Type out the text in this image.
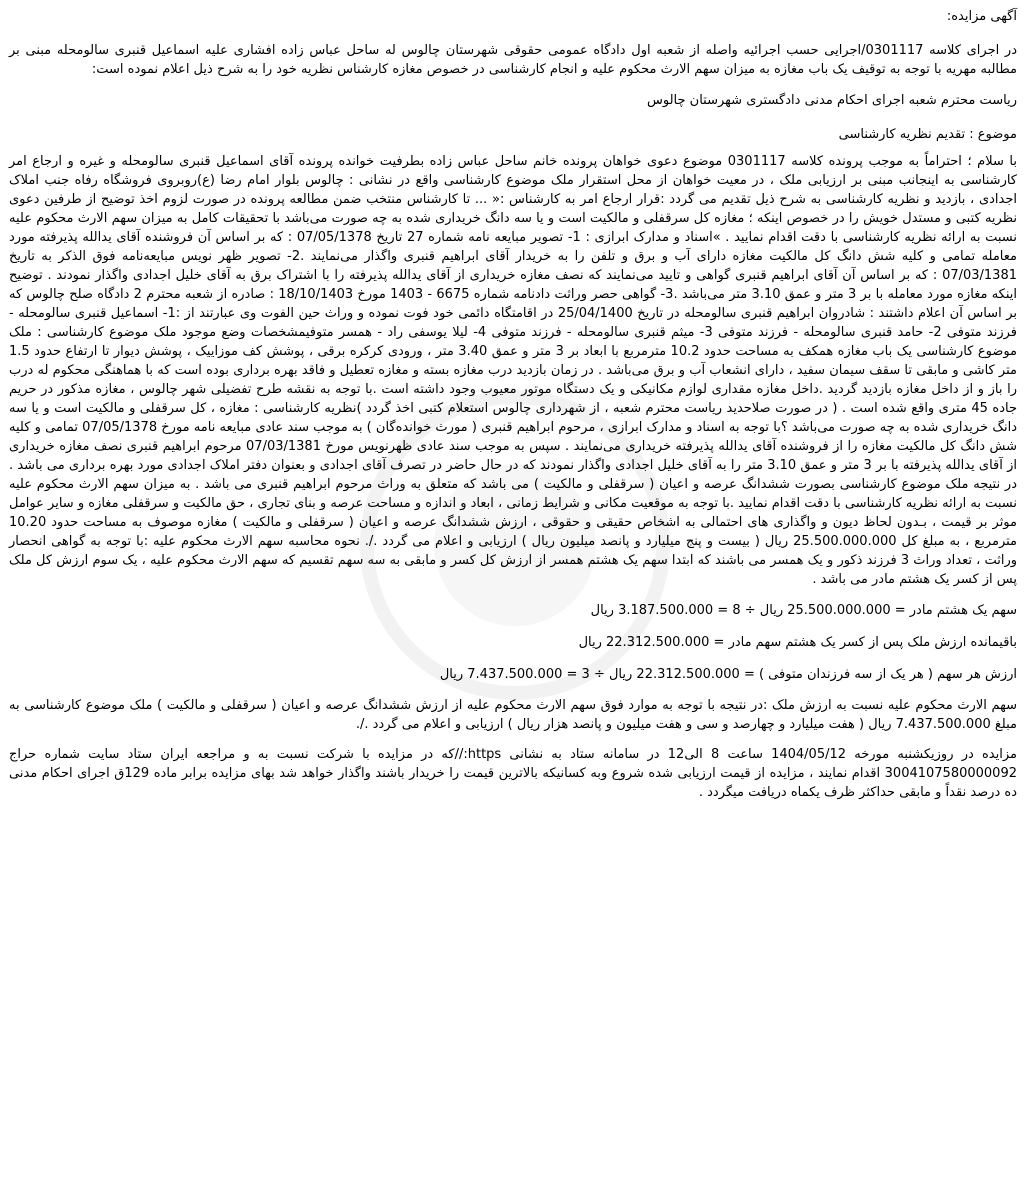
آگهی مزایده:

در اجرای کلاسه 0301117/اجرایی حسب اجرائیه واصله از شعبه اول دادگاه عمومی حقوقی شهرستان چالوس له ساحل عباس زاده افشاری علیه اسماعیل قنبری سالومحله مبنی بر مطالبه مهریه با توجه به توقیف یک باب مغازه به میزان سهم الارث محکوم علیه و انجام کارشناسی در خصوص مغازه کارشناس نظریه خود را به شرح ذیل اعلام نموده است:

ریاست محترم شعبه اجرای احکام مدنی دادگستری شهرستان چالوس

موضوع : تقدیم نظریه کارشناسی

با سلام ؛ احتراماً به موجب پرونده کلاسه 0301117 موضوع دعوی خواهان پرونده خانم ساحل عباس زاده بطرفیت خوانده پرونده آقای اسماعیل قنبری سالومحله و غیره و ارجاع امر کارشناسی به اینجانب مبنی بر ارزیابی ملک ، در معیت خواهان از محل استقرار ملک موضوع کارشناسی واقع در نشانی : چالوس بلوار امام رضا (ع)روبروی فروشگاه رفاه جنب املاک اجدادی ، بازدید و نظریه کارشناسی به شرح ذیل تقدیم می گردد :قرار ارجاع امر به کارشناس :« ... تا کارشناس منتخب ضمن مطالعه پرونده در صورت لزوم اخذ توضیح از طرفین دعوی نظریه کتبی و مستدل خویش را در خصوص اینکه ؛ مغازه کل سرقفلی و مالکیت است و یا سه دانگ خریداری شده به چه صورت می‌باشد با تحقیقات کامل به میزان سهم الارث محکوم علیه نسبت به ارائه نظریه کارشناسی با دقت اقدام نمایید . »اسناد و مدارک ابرازی : 1- تصویر مبایعه نامه شماره 27 تاریخ 07/05/1378 : که بر اساس آن فروشنده آقای یدالله پذیرفته مورد معامله تمامی و کلیه شش دانگ کل مالکیت مغازه دارای آب و برق و تلفن را به خریدار آقای ابراهیم قنبری واگذار می‌نمایند .2- تصویر ظهر نویس مبایعه‌نامه فوق الذکر به تاریخ 07/03/1381 : که بر اساس آن آقای ابراهیم قنبری گواهی و تایید می‌نمایند که نصف مغازه خریداری از آقای یدالله پذیرفته را با اشتراک برق به آقای خلیل اجدادی واگذار نمودند . توضیح اینکه مغازه مورد معامله با بر 3 متر و عمق 3.10 متر می‌باشد .3- گواهی حصر وراثت دادنامه شماره 6675 - 1403 مورخ 18/10/1403 : صادره از شعبه محترم 2 دادگاه صلح چالوس که بر اساس آن اعلام داشتند : شادروان ابراهیم قنبری سالومحله در تاریخ 25/04/1400 در اقامتگاه دائمی خود فوت نموده و وراث حین الفوت وی عبارتند از :1- اسماعیل قنبری سالومحله - فرزند متوفی 2- حامد قنبری سالومحله - فرزند متوفی 3- میثم قنبری سالومحله - فرزند متوفی 4- لیلا یوسفی راد - همسر متوفیمشخصات وضع موجود ملک موضوع کارشناسی : ملک موضوع کارشناسی یک باب مغازه همکف به مساحت حدود 10.2 مترمربع با ابعاد بر 3 متر و عمق 3.40 متر ، ورودی کرکره برقی ، پوشش کف موزاییک ، پوشش دیوار تا ارتفاع حدود 1.5 متر کاشی و مابقی تا سقف سیمان سفید ، دارای انشعاب آب و برق می‌باشد . در زمان بازدید درب مغازه بسته و مغازه تعطیل و فاقد بهره برداری بوده است که با هماهنگی محکوم له درب را باز و از داخل مغازه بازدید گردید .داخل مغازه مقداری لوازم مکانیکی و یک دستگاه موتور معیوب وجود داشته است .با توجه به نقشه طرح تفضیلی شهر چالوس ، مغازه مذکور در حریم جاده 45 متری واقع شده است . ( در صورت صلاحدید ریاست محترم شعبه ، از شهرداری چالوس استعلام کتبی اخذ گردد )نظریه کارشناسی : مغازه ، کل سرقفلی و مالکیت است و یا سه دانگ خریداری شده به چه صورت می‌باشد ؟با توجه به اسناد و مدارک ابرازی ، مرحوم ابراهیم قنبری ( مورث خوانده‌گان ) به موجب سند عادی مبایعه نامه مورخ 07/05/1378 تمامی و کلیه شش دانگ کل مالکیت مغازه را از فروشنده آقای یدالله پذیرفته خریداری می‌نمایند . سپس به موجب سند عادی ظهرنویس مورخ 07/03/1381 مرحوم ابراهیم قنبری نصف مغازه خریداری از آقای یدالله پذیرفته با بر 3 متر و عمق 3.10 متر را به آقای خلیل اجدادی واگذار نمودند که در حال حاضر در تصرف آقای اجدادی و بعنوان دفتر املاک اجدادی مورد بهره برداری می باشد . در نتیجه ملک موضوع کارشناسی بصورت ششدانگ عرصه و اعیان ( سرقفلی و مالکیت ) می باشد که متعلق به وراث مرحوم ابراهیم قنبری می باشد . به میزان سهم الارث محکوم علیه نسبت به ارائه نظریه کارشناسی با دقت اقدام نمایید .با توجه به موقعیت مکانی و شرایط زمانی ، ابعاد و اندازه و مساحت عرصه و بنای تجاری ، حق مالکیت و سرقفلی مغازه و سایر عوامل موثر بر قیمت ، بـدون لحاظ دیون و واگذاری های احتمالی به اشخاص حقیقی و حقوقی ، ارزش ششدانگ عرصه و اعیان ( سرقفلی و مالکیت ) مغازه موصوف به مساحت حدود 10.20 مترمربع ، به مبلغ کل 25.500.000.000 ریال ( بیست و پنج میلیارد و پانصد میلیون ریال ) ارزیابی و اعلام می گردد ./. نحوه محاسبه سهم الارث محکوم علیه :با توجه به گواهی انحصار وراثت ، تعداد وراث 3 فرزند ذکور و یک همسر می باشند که ابتدا سهم یک هشتم همسر از ارزش کل کسر و مابقی به سه سهم تقسیم که سهم الارث محکوم علیه ، یک سوم ارزش کل ملک پس از کسر یک هشتم مادر می باشد .

سهم یک هشتم مادر = 25.500.000.000 ریال ÷ 8 = 3.187.500.000 ریال

باقیمانده ارزش ملک پس از کسر یک هشتم سهم مادر = 22.312.500.000 ریال

ارزش هر سهم ( هر یک از سه فرزندان متوفی ) = 22.312.500.000 ریال ÷ 3 = 7.437.500.000 ریال

سهم الارث محکوم علیه نسبت به ارزش ملک :در نتیجه با توجه به موارد فوق سهم الارث محکوم علیه از ارزش ششدانگ عرصه و اعیان ( سرقفلی و مالکیت ) ملک موضوع کارشناسی به مبلغ 7.437.500.000 ریال ( هفت میلیارد و چهارصد و سی و هفت میلیون و پانصد هزار ریال ) ارزیابی و اعلام می گردد ./.

مزایده در روزیکشنبه مورخه 1404/05/12 ساعت 8 الی12 در سامانه ستاد به نشانی https://که در مزایده با شرکت نسبت به و مراجعه ایران ستاد سایت شماره حراج 3004107580000092 اقدام نمایند ، مزایده از قیمت ارزیابی شده شروع وبه کسانیکه بالاترین قیمت را خریدار باشند واگذار خواهد شد بهای مزایده برابر ماده 129ق اجرای احکام مدنی ده درصد نقداً و مابقی حداکثر ظرف یکماه دریافت میگردد .
